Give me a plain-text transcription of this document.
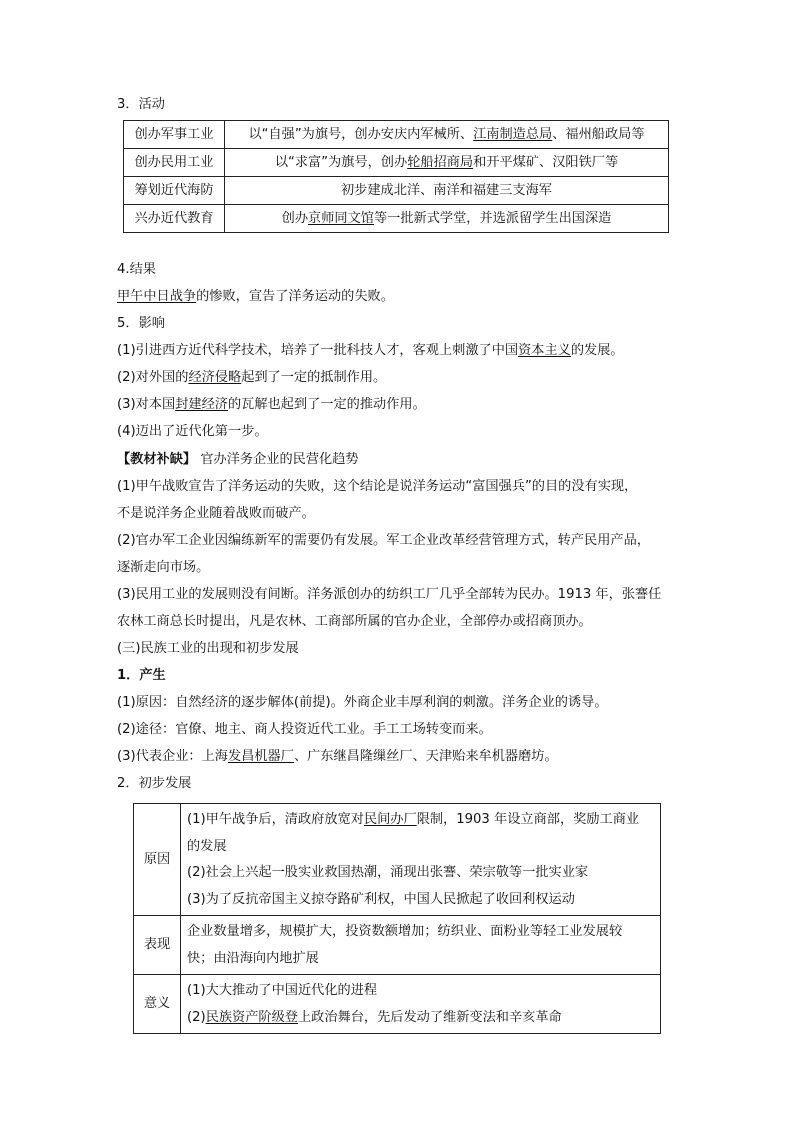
3．活动
创办军事工业	以“自强”为旗号，创办安庆内军械所、江南制造总局、福州船政局等
创办民用工业	以“求富”为旗号，创办轮船招商局和开平煤矿、汉阳铁厂等
筹划近代海防	初步建成北洋、南洋和福建三支海军
兴办近代教育	创办京师同文馆等一批新式学堂，并选派留学生出国深造
4.结果
甲午中日战争的惨败，宣告了洋务运动的失败。
5．影响
(1)引进西方近代科学技术，培养了一批科技人才，客观上刺激了中国资本主义的发展。
(2)对外国的经济侵略起到了一定的抵制作用。
(3)对本国封建经济的瓦解也起到了一定的推动作用。
(4)迈出了近代化第一步。
【教材补缺】 官办洋务企业的民营化趋势
(1)甲午战败宣告了洋务运动的失败，这个结论是说洋务运动“富国强兵”的目的没有实现，
不是说洋务企业随着战败而破产。
(2)官办军工企业因编练新军的需要仍有发展。军工企业改革经营管理方式，转产民用产品，
逐渐走向市场。
(3)民用工业的发展则没有间断。洋务派创办的纺织工厂几乎全部转为民办。1913 年，张謇任
农林工商总长时提出，凡是农林、工商部所属的官办企业，全部停办或招商顶办。
(三)民族工业的出现和初步发展
1．产生
(1)原因：自然经济的逐步解体(前提)。外商企业丰厚利润的刺激。洋务企业的诱导。
(2)途径：官僚、地主、商人投资近代工业。手工工场转变而来。
(3)代表企业：上海发昌机器厂、广东继昌隆缫丝厂、天津贻来牟机器磨坊。
2．初步发展
原因	(1)甲午战争后，清政府放宽对民间办厂限制，1903 年设立商部，奖励工商业
的发展
(2)社会上兴起一股实业救国热潮，涌现出张謇、荣宗敬等一批实业家
(3)为了反抗帝国主义掠夺路矿利权，中国人民掀起了收回利权运动

表现	企业数量增多，规模扩大，投资数额增加；纺织业、面粉业等轻工业发展较
快；由沿海向内地扩展

意义	(1)大大推动了中国近代化的进程
(2)民族资产阶级登上政治舞台，先后发动了维新变法和辛亥革命
